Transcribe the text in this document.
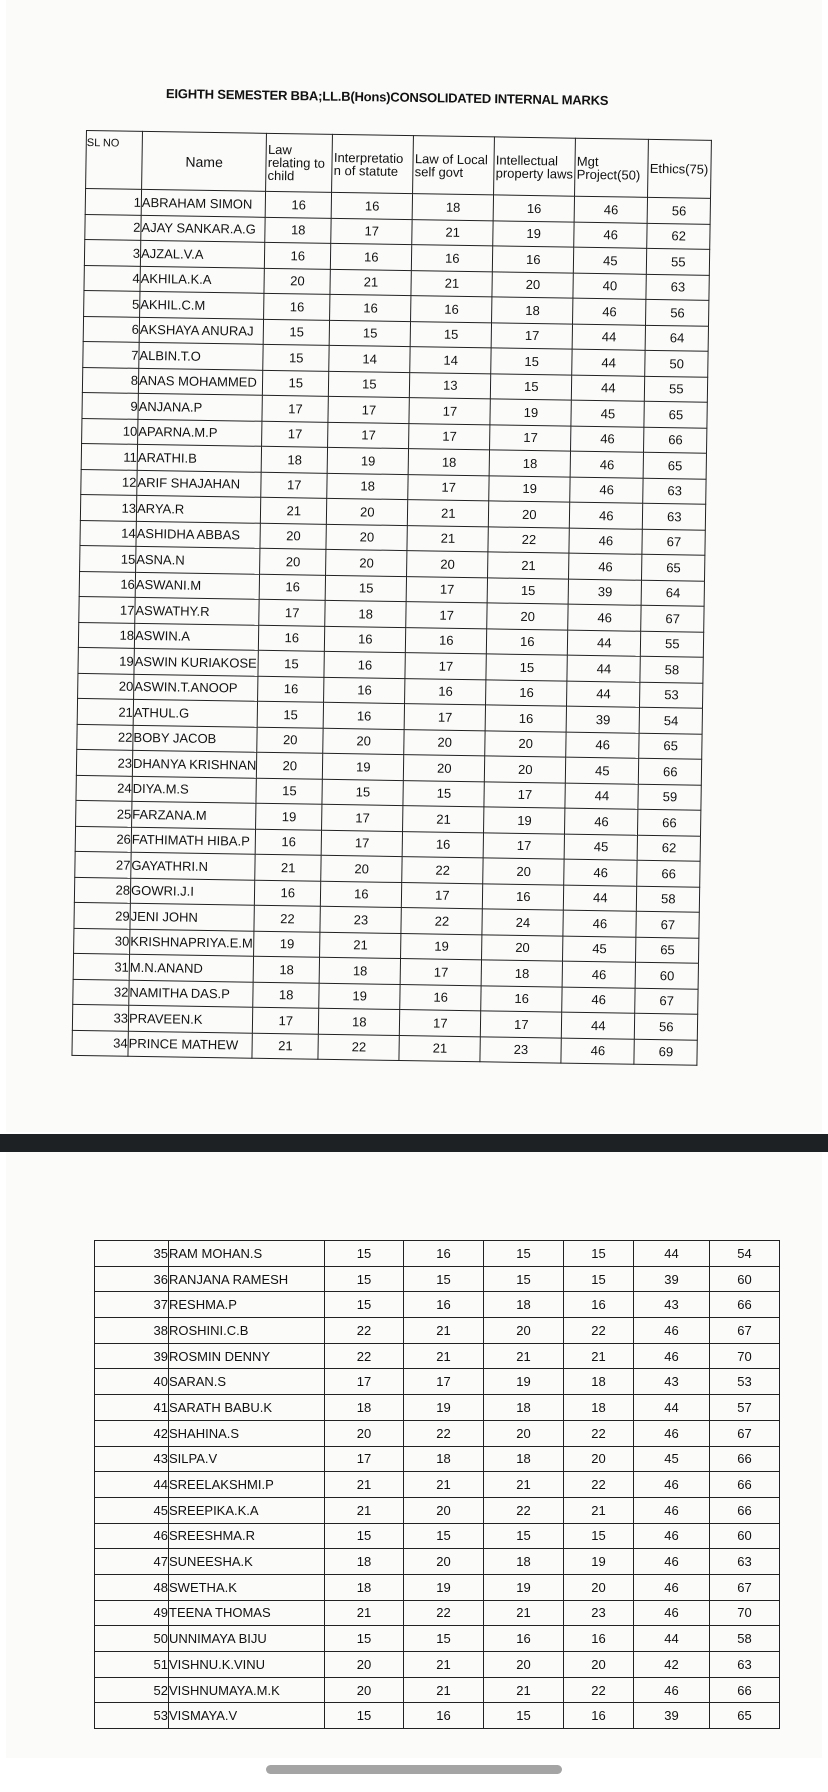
EIGHTH SEMESTER BBA;LL.B(Hons)CONSOLIDATED INTERNAL MARKS
SL NO	Name	Law relating to child	Interpretatio n of statute	Law of Local self govt	Intellectual property laws	Mgt Project(50)	Ethics(75)
1	ABRAHAM SIMON	16	16	18	16	46	56
2	AJAY SANKAR.A.G	18	17	21	19	46	62
3	AJZAL.V.A	16	16	16	16	45	55
4	AKHILA.K.A	20	21	21	20	40	63
5	AKHIL.C.M	16	16	16	18	46	56
6	AKSHAYA ANURAJ	15	15	15	17	44	64
7	ALBIN.T.O	15	14	14	15	44	50
8	ANAS MOHAMMED	15	15	13	15	44	55
9	ANJANA.P	17	17	17	19	45	65
10	APARNA.M.P	17	17	17	17	46	66
11	ARATHI.B	18	19	18	18	46	65
12	ARIF SHAJAHAN	17	18	17	19	46	63
13	ARYA.R	21	20	21	20	46	63
14	ASHIDHA ABBAS	20	20	21	22	46	67
15	ASNA.N	20	20	20	21	46	65
16	ASWANI.M	16	15	17	15	39	64
17	ASWATHY.R	17	18	17	20	46	67
18	ASWIN.A	16	16	16	16	44	55
19	ASWIN KURIAKOSE	15	16	17	15	44	58
20	ASWIN.T.ANOOP	16	16	16	16	44	53
21	ATHUL.G	15	16	17	16	39	54
22	BOBY JACOB	20	20	20	20	46	65
23	DHANYA KRISHNAN	20	19	20	20	45	66
24	DIYA.M.S	15	15	15	17	44	59
25	FARZANA.M	19	17	21	19	46	66
26	FATHIMATH HIBA.P	16	17	16	17	45	62
27	GAYATHRI.N	21	20	22	20	46	66
28	GOWRI.J.I	16	16	17	16	44	58
29	JENI JOHN	22	23	22	24	46	67
30	KRISHNAPRIYA.E.M	19	21	19	20	45	65
31	M.N.ANAND	18	18	17	18	46	60
32	NAMITHA DAS.P	18	19	16	16	46	67
33	PRAVEEN.K	17	18	17	17	44	56
34	PRINCE MATHEW	21	22	21	23	46	69
35	RAM MOHAN.S	15	16	15	15	44	54
36	RANJANA RAMESH	15	15	15	15	39	60
37	RESHMA.P	15	16	18	16	43	66
38	ROSHINI.C.B	22	21	20	22	46	67
39	ROSMIN DENNY	22	21	21	21	46	70
40	SARAN.S	17	17	19	18	43	53
41	SARATH BABU.K	18	19	18	18	44	57
42	SHAHINA.S	20	22	20	22	46	67
43	SILPA.V	17	18	18	20	45	66
44	SREELAKSHMI.P	21	21	21	22	46	66
45	SREEPIKA.K.A	21	20	22	21	46	66
46	SREESHMA.R	15	15	15	15	46	60
47	SUNEESHA.K	18	20	18	19	46	63
48	SWETHA.K	18	19	19	20	46	67
49	TEENA THOMAS	21	22	21	23	46	70
50	UNNIMAYA BIJU	15	15	16	16	44	58
51	VISHNU.K.VINU	20	21	20	20	42	63
52	VISHNUMAYA.M.K	20	21	21	22	46	66
53	VISMAYA.V	15	16	15	16	39	65
